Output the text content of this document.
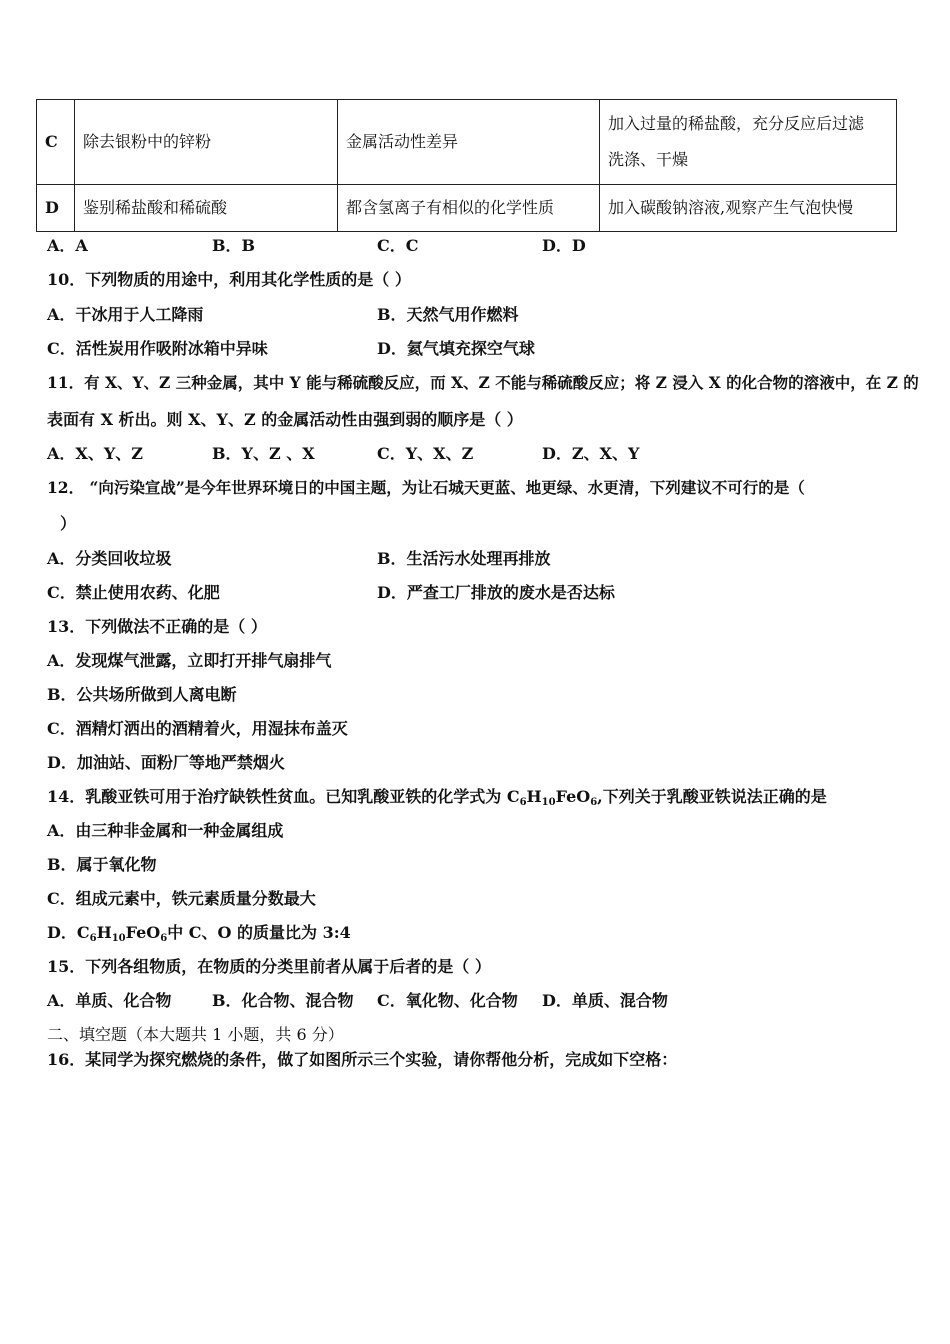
C	除去银粉中的锌粉	金属活动性差异	加入过量的稀盐酸，充分反应后过滤
洗涤、干燥

D	鉴别稀盐酸和稀硫酸	都含氢离子有相似的化学性质	加入碳酸钠溶液,观察产生气泡快慢
A．A	B．B	C．C	D．D
10．下列物质的用途中，利用其化学性质的是（ ）
A．干冰用于人工降雨	B．天然气用作燃料
C．活性炭用作吸附冰箱中异味	D．氦气填充探空气球
11．有 X、Y、Z 三种金属，其中 Y 能与稀硫酸反应，而 X、Z 不能与稀硫酸反应；将 Z 浸入 X 的化合物的溶液中，在 Z 的
表面有 X 析出。则 X、Y、Z 的金属活动性由强到弱的顺序是（ ）
A．X、Y、Z	B．Y、Z 、X	C．Y、X、Z	D．Z、X、Y
12． “向污染宣战”是今年世界环境日的中国主题，为让石城天更蓝、地更绿、水更清，下列建议不可行的是（
）
A．分类回收垃圾	B．生活污水处理再排放
C．禁止使用农药、化肥	D．严查工厂排放的废水是否达标
13．下列做法不正确的是（ ）
A．发现煤气泄露，立即打开排气扇排气
B．公共场所做到人离电断
C．酒精灯洒出的酒精着火，用湿抹布盖灭
D．加油站、面粉厂等地严禁烟火
14．乳酸亚铁可用于治疗缺铁性贫血。已知乳酸亚铁的化学式为 $C_6H_{10}FeO_6$,下列关于乳酸亚铁说法正确的是
A．由三种非金属和一种金属组成
B．属于氧化物
C．组成元素中，铁元素质量分数最大
D．$C_6H_{10}FeO_6$中 C、O 的质量比为 3:4
15．下列各组物质，在物质的分类里前者从属于后者的是（ ）
A．单质、化合物	B．化合物、混合物 C．氧化物、化合物 D．单质、混合物
二、填空题（本大题共 1 小题，共 6 分）
16．某同学为探究燃烧的条件，做了如图所示三个实验，请你帮他分析，完成如下空格：
